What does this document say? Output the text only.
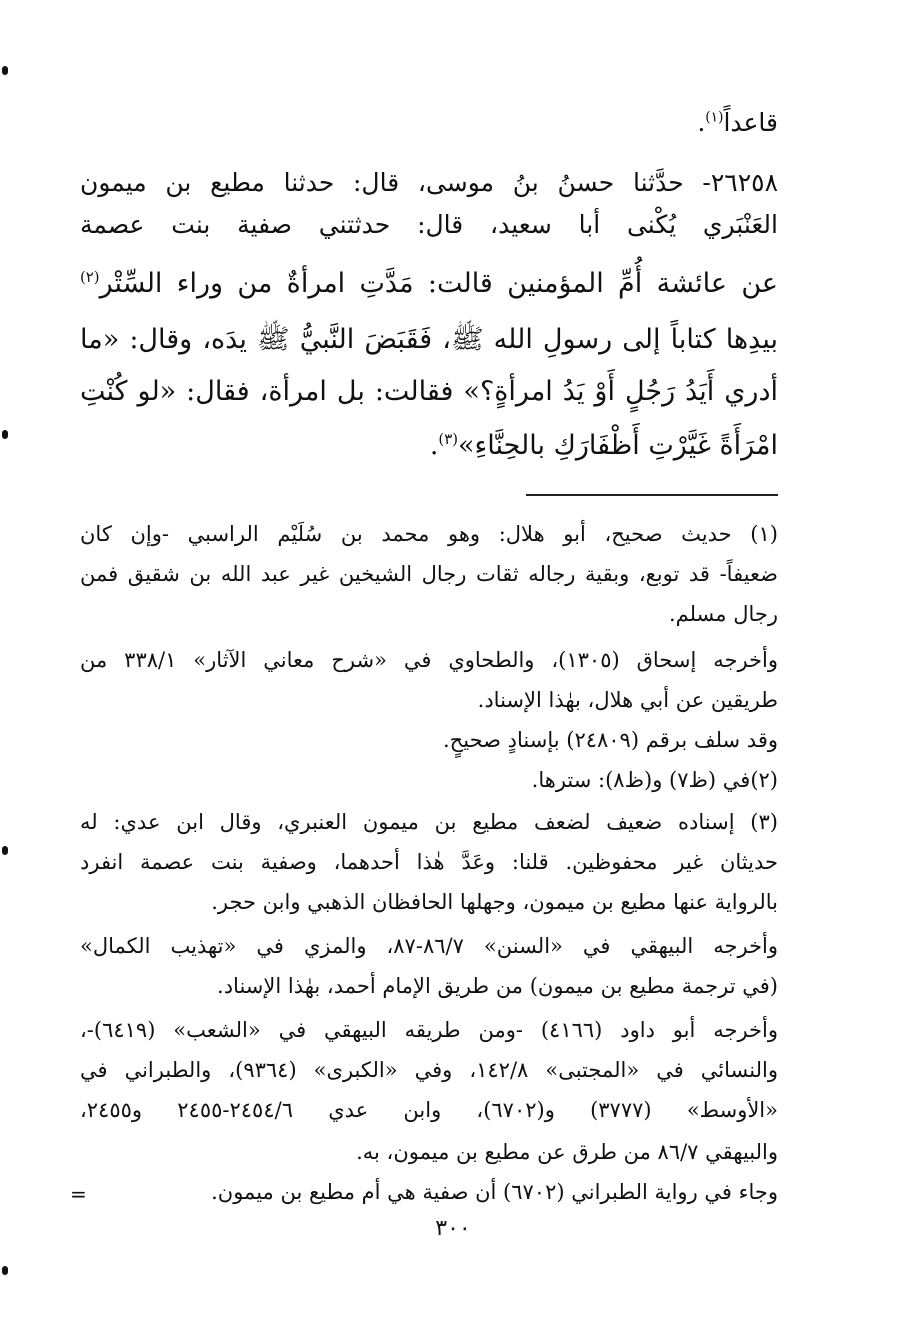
قاعداً$^{(١)}$.
٢٦٢٥٨- حدَّثنا حسنُ بنُ موسى، قال: حدثنا مطيع بن ميمون
العَنْبَري يُكْنى أبا سعيد، قال: حدثتني صفية بنت عصمة
عن عائشة أُمِّ المؤمنين قالت: مَدَّتِ امرأةٌ من وراء السِّتْر$^{(٢)}$
بيدِها كتاباً إلى رسولِ الله ﷺ، فَقَبَضَ النَّبيُّ ﷺ يدَه، وقال: «ما
أدري أَيَدُ رَجُلٍ أَوْ يَدُ امرأةٍ؟» فقالت: بل امرأة، فقال: «لو كُنْتِ
امْرَأَةً غَيَّرْتِ أَظْفَارَكِ بالحِنَّاءِ»$^{(٣)}$.
(١) حديث صحيح، أبو هلال: وهو محمد بن سُلَيْم الراسبي -وإن كان
ضعيفاً- قد توبع، وبقية رجاله ثقات رجال الشيخين غير عبد الله بن شقيق فمن
رجال مسلم.
وأخرجه إسحاق (١٣٠٥)، والطحاوي في «شرح معاني الآثار» ٣٣٨/١ من
طريقين عن أبي هلال، بهٰذا الإسناد.
وقد سلف برقم (٢٤٨٠٩) بإسنادٍ صحيحٍ.
(٢)في (ظ٧) و(ظ٨): سترها.
(٣) إسناده ضعيف لضعف مطيع بن ميمون العنبري، وقال ابن عدي: له
حديثان غير محفوظين. قلنا: وعَدَّ هٰذا أحدهما، وصفية بنت عصمة انفرد
بالرواية عنها مطيع بن ميمون، وجهلها الحافظان الذهبي وابن حجر.
وأخرجه البيهقي في «السنن» ٨٦/٧-٨٧، والمزي في «تهذيب الكمال»
(في ترجمة مطيع بن ميمون) من طريق الإمام أحمد، بهٰذا الإسناد.
وأخرجه أبو داود (٤١٦٦) -ومن طريقه البيهقي في «الشعب» (٦٤١٩)-،
والنسائي في «المجتبى» ١٤٢/٨، وفي «الكبرى» (٩٣٦٤)، والطبراني في
«الأوسط» (٣٧٧٧) و(٦٧٠٢)، وابن عدي ٢٤٥٤/٦-٢٤٥٥ و٢٤٥٥،
والبيهقي ٨٦/٧ من طرق عن مطيع بن ميمون، به.
وجاء في رواية الطبراني (٦٧٠٢) أن صفية هي أم مطيع بن ميمون.
=
٣٠٠
